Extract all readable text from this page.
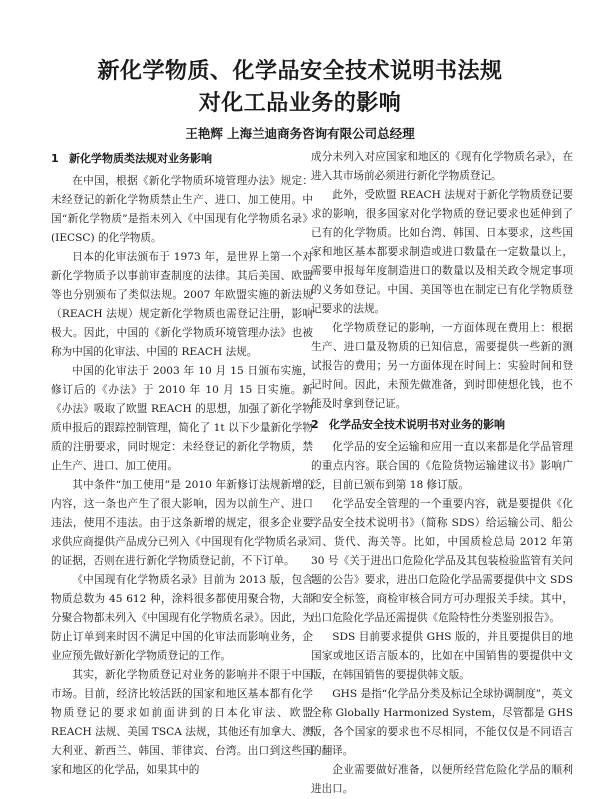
新化学物质、化学品安全技术说明书法规
对化工品业务的影响
王艳辉 上海兰迪商务咨询有限公司总经理
1 新化学物质类法规对业务影响

在中国，根据《新化学物质环境管理办法》规定：未经登记的新化学物质禁止生产、进口、加工使用。中国“新化学物质”是指未列入《中国现有化学物质名录》(IECSC) 的化学物质。

日本的化审法颁布于 1973 年，是世界上第一个对新化学物质予以事前审查制度的法律。其后美国、欧盟等也分别颁布了类似法规。2007 年欧盟实施的新法规（REACH 法规）规定新化学物质也需登记注册，影响极大。因此，中国的《新化学物质环境管理办法》也被称为中国的化审法、中国的 REACH 法规。

中国的化审法于 2003 年 10 月 15 日颁布实施，修订后的《办法》于 2010 年 10 月 15 日实施。新《办法》吸取了欧盟 REACH 的思想，加强了新化学物质申报后的跟踪控制管理，简化了 1t 以下少量新化学物质的注册要求，同时规定：未经登记的新化学物质，禁止生产、进口、加工使用。

其中条件“加工使用”是 2010 年新修订法规新增的内容，这一条也产生了很大影响，因为以前生产、进口违法，使用不违法。由于这条新增的规定，很多企业要求供应商提供产品成分已列入《中国现有化学物质名录》的证据，否则在进行新化学物质登记前，不下订单。

《中国现有化学物质名录》目前为 2013 版，包含物质总数为 45 612 种，涂料很多都使用聚合物，大部分聚合物都未列入《中国现有化学物质名录》。因此，为防止订单到来时因不满足中国的化审法而影响业务，企业应预先做好新化学物质登记的工作。

其实，新化学物质登记对业务的影响并不限于中国市场。目前，经济比较活跃的国家和地区基本都有化学物质登记的要求如前面讲到的日本化审法、欧盟 REACH 法规、美国 TSCA 法规，其他还有加拿大、澳大利亚、新西兰、韩国、菲律宾、台湾。出口到这些国家和地区的化学品，如果其中的

成分未列入对应国家和地区的《现有化学物质名录》，在进入其市场前必须进行新化学物质登记。

此外，受欧盟 REACH 法规对于新化学物质登记要求的影响，很多国家对化学物质的登记要求也延伸到了已有的化学物质。比如台湾、韩国、日本要求，这些国家和地区基本都要求制造或进口数量在一定数量以上，需要申报每年度制造进口的数量以及相关政令规定事项的义务如登记。中国、美国等也在制定已有化学物质登记要求的法规。

化学物质登记的影响，一方面体现在费用上：根据生产、进口量及物质的已知信息，需要提供一些新的测试报告的费用；另一方面体现在时间上：实验时间和登记时间。因此，未预先做准备，到时即使想化钱，也不能及时拿到登记证。

2 化学品安全技术说明书对业务的影响

化学品的安全运输和应用一直以来都是化学品管理的重点内容。联合国的《危险货物运输建议书》影响广泛，目前已颁布到第 18 修订版。

化学品安全管理的一个重要内容，就是要提供《化学品安全技术说明书》（简称 SDS）给运输公司、船公司、货代、海关等。比如，中国质检总局 2012 年第 30 号《关于进出口危险化学品及其包装检验监管有关问题的公告》要求，进出口危险化学品需要提供中文 SDS 和安全标签，商检审核合同方可办理报关手续。其中，出口危险化学品还需提供《危险特性分类鉴别报告》。

SDS 目前要求提供 GHS 版的，并且要提供目的地国家或地区语言版本的，比如在中国销售的要提供中文版，在韩国销售的要提供韩文版。

GHS 是指“化学品分类及标记全球协调制度”，英文全称 Globally Harmonized System，尽管都是 GHS 版，各个国家的要求也不尽相同，不能仅仅是不同语言的翻译。

企业需要做好准备，以便所经营危险化学品的顺利进出口。
